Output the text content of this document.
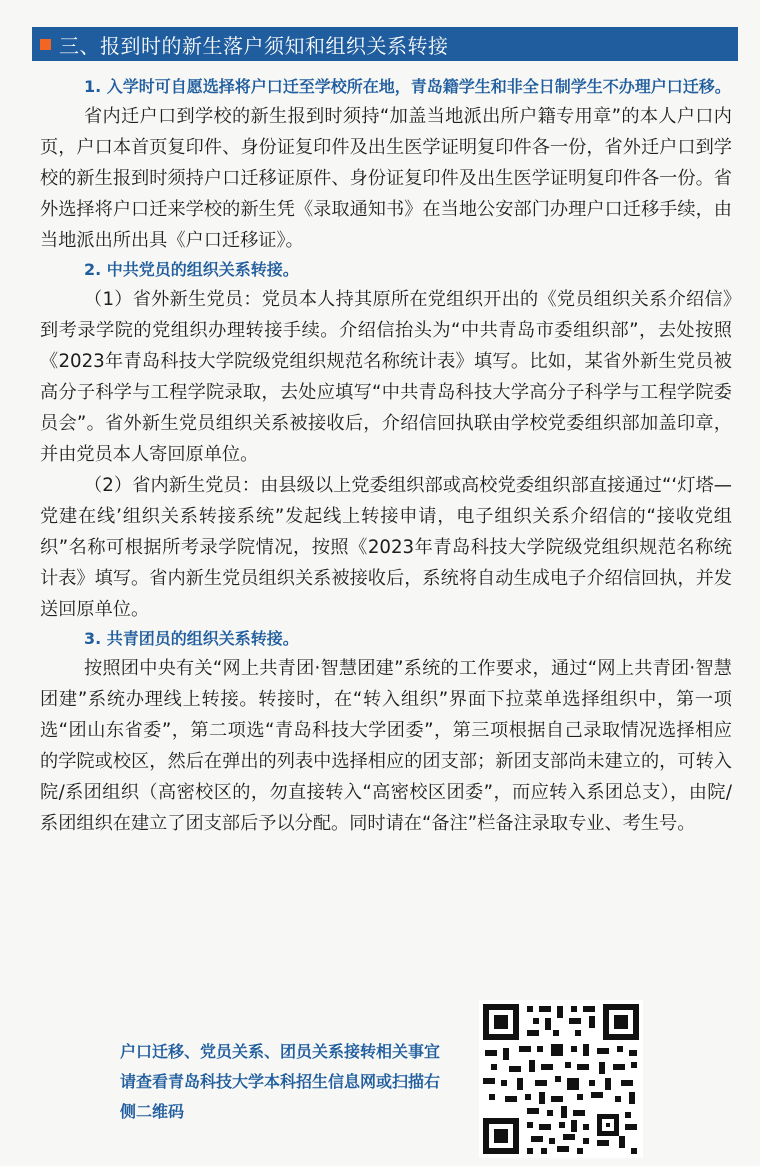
三、报到时的新生落户须知和组织关系转接

1. 入学时可自愿选择将户口迁至学校所在地，青岛籍学生和非全日制学生不办理户口迁移。

省内迁户口到学校的新生报到时须持“加盖当地派出所户籍专用章”的本人户口内页，户口本首页复印件、身份证复印件及出生医学证明复印件各一份，省外迁户口到学校的新生报到时须持户口迁移证原件、身份证复印件及出生医学证明复印件各一份。省外选择将户口迁来学校的新生凭《录取通知书》在当地公安部门办理户口迁移手续，由当地派出所出具《户口迁移证》。

2. 中共党员的组织关系转接。

（1）省外新生党员：党员本人持其原所在党组织开出的《党员组织关系介绍信》到考录学院的党组织办理转接手续。介绍信抬头为“中共青岛市委组织部”，去处按照《2023年青岛科技大学院级党组织规范名称统计表》填写。比如，某省外新生党员被高分子科学与工程学院录取，去处应填写“中共青岛科技大学高分子科学与工程学院委员会”。省外新生党员组织关系被接收后，介绍信回执联由学校党委组织部加盖印章，并由党员本人寄回原单位。

（2）省内新生党员：由县级以上党委组织部或高校党委组织部直接通过“‘灯塔—党建在线’组织关系转接系统”发起线上转接申请，电子组织关系介绍信的“接收党组织”名称可根据所考录学院情况，按照《2023年青岛科技大学院级党组织规范名称统计表》填写。省内新生党员组织关系被接收后，系统将自动生成电子介绍信回执，并发送回原单位。

3. 共青团员的组织关系转接。

按照团中央有关“网上共青团·智慧团建”系统的工作要求，通过“网上共青团·智慧团建”系统办理线上转接。转接时，在“转入组织”界面下拉菜单选择组织中，第一项选“团山东省委”，第二项选“青岛科技大学团委”，第三项根据自己录取情况选择相应的学院或校区，然后在弹出的列表中选择相应的团支部；新团支部尚未建立的，可转入院/系团组织（高密校区的，勿直接转入“高密校区团委”，而应转入系团总支），由院/系团组织在建立了团支部后予以分配。同时请在“备注”栏备注录取专业、考生号。

户口迁移、党员关系、团员关系接转相关事宜请查看青岛科技大学本科招生信息网或扫描右侧二维码
